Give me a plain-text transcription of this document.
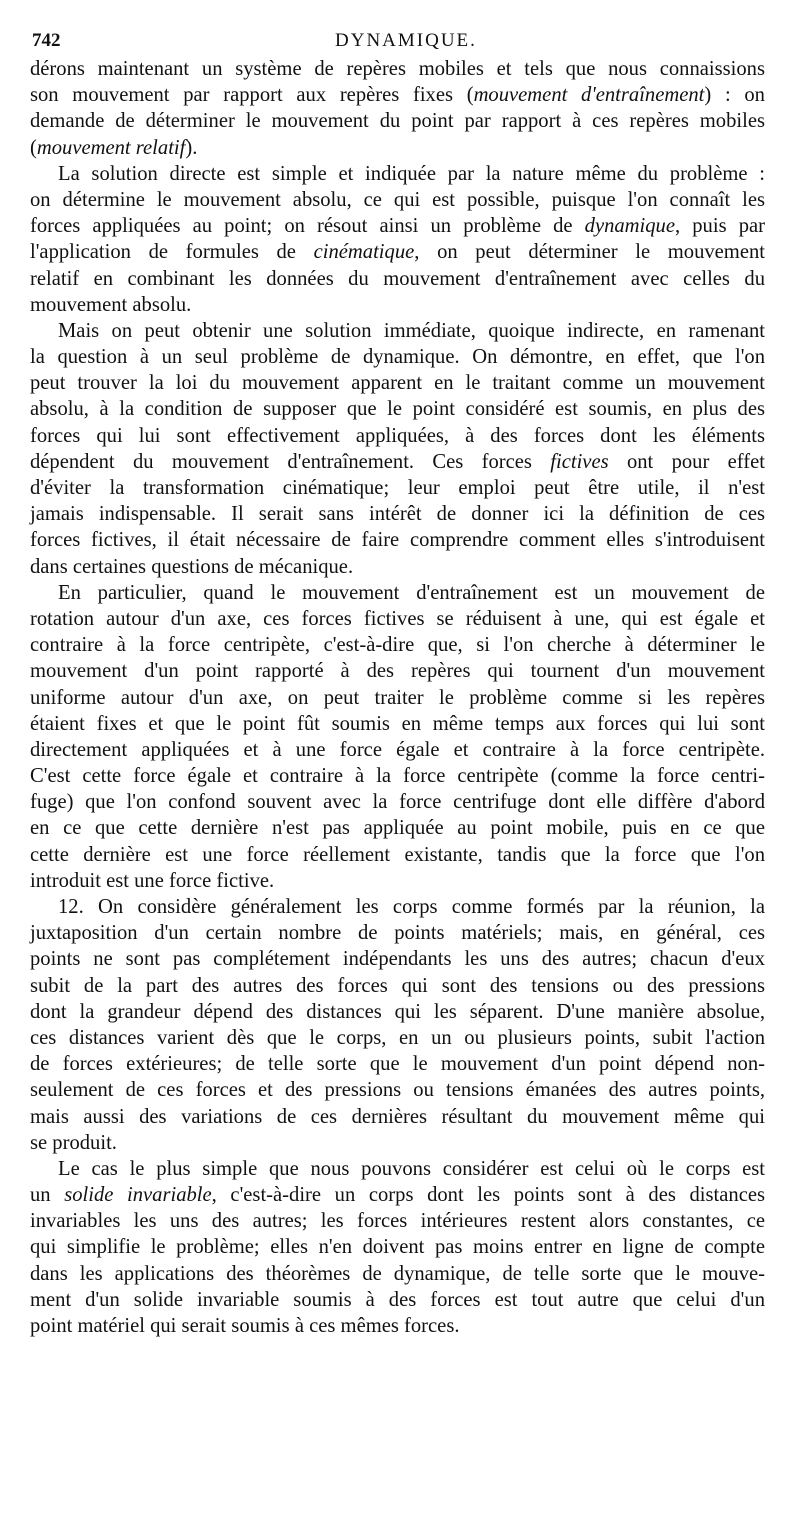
742	DYNAMIQUE.
dérons maintenant un système de repères mobiles et tels que nous connaissions
son mouvement par rapport aux repères fixes (mouvement d'entraînement) : on
demande de déterminer le mouvement du point par rapport à ces repères mobiles
(mouvement relatif).
La solution directe est simple et indiquée par la nature même du problème :
on détermine le mouvement absolu, ce qui est possible, puisque l'on connaît les
forces appliquées au point; on résout ainsi un problème de dynamique, puis par
l'application de formules de cinématique, on peut déterminer le mouvement
relatif en combinant les données du mouvement d'entraînement avec celles du
mouvement absolu.
Mais on peut obtenir une solution immédiate, quoique indirecte, en ramenant
la question à un seul problème de dynamique. On démontre, en effet, que l'on
peut trouver la loi du mouvement apparent en le traitant comme un mouvement
absolu, à la condition de supposer que le point considéré est soumis, en plus des
forces qui lui sont effectivement appliquées, à des forces dont les éléments
dépendent du mouvement d'entraînement. Ces forces fictives ont pour effet
d'éviter la transformation cinématique; leur emploi peut être utile, il n'est
jamais indispensable. Il serait sans intérêt de donner ici la définition de ces
forces fictives, il était nécessaire de faire comprendre comment elles s'introduisent
dans certaines questions de mécanique.
En particulier, quand le mouvement d'entraînement est un mouvement de
rotation autour d'un axe, ces forces fictives se réduisent à une, qui est égale et
contraire à la force centripète, c'est-à-dire que, si l'on cherche à déterminer le
mouvement d'un point rapporté à des repères qui tournent d'un mouvement
uniforme autour d'un axe, on peut traiter le problème comme si les repères
étaient fixes et que le point fût soumis en même temps aux forces qui lui sont
directement appliquées et à une force égale et contraire à la force centripète.
C'est cette force égale et contraire à la force centripète (comme la force centri-
fuge) que l'on confond souvent avec la force centrifuge dont elle diffère d'abord
en ce que cette dernière n'est pas appliquée au point mobile, puis en ce que
cette dernière est une force réellement existante, tandis que la force que l'on
introduit est une force fictive.
12. On considère généralement les corps comme formés par la réunion, la
juxtaposition d'un certain nombre de points matériels; mais, en général, ces
points ne sont pas complétement indépendants les uns des autres; chacun d'eux
subit de la part des autres des forces qui sont des tensions ou des pressions
dont la grandeur dépend des distances qui les séparent. D'une manière absolue,
ces distances varient dès que le corps, en un ou plusieurs points, subit l'action
de forces extérieures; de telle sorte que le mouvement d'un point dépend non-
seulement de ces forces et des pressions ou tensions émanées des autres points,
mais aussi des variations de ces dernières résultant du mouvement même qui
se produit.
Le cas le plus simple que nous pouvons considérer est celui où le corps est
un solide invariable, c'est-à-dire un corps dont les points sont à des distances
invariables les uns des autres; les forces intérieures restent alors constantes, ce
qui simplifie le problème; elles n'en doivent pas moins entrer en ligne de compte
dans les applications des théorèmes de dynamique, de telle sorte que le mouve-
ment d'un solide invariable soumis à des forces est tout autre que celui d'un
point matériel qui serait soumis à ces mêmes forces.
